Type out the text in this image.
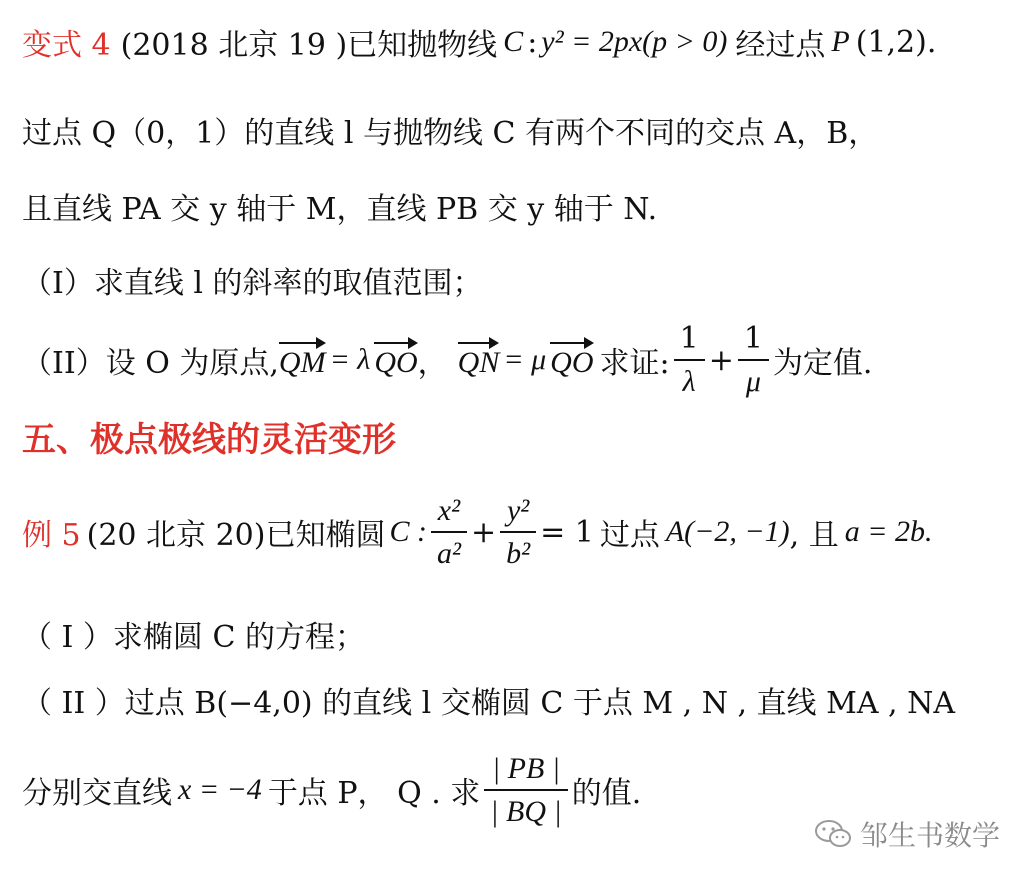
变式 4 (2018 北京 19 ) 已知抛物线 C : y² = 2px(p > 0) 经过点 P (1,2).
过点 Q（0，1）的直线 l 与抛物线 C 有两个不同的交点 A，B，
且直线 PA 交 y 轴于 M，直线 PB 交 y 轴于 N.
（I）求直线 l 的斜率的取值范围；
（II）设 O 为原点, QM = λ QO ， QN = μ QO 求证: $\frac{1}{\lambda} + \frac{1}{\mu}$ 为定值.
五、极点极线的灵活变形
例 5 (20 北京 20) 已知椭圆 C : $\frac{\text{x²}}{\text{a²}} + \frac{\text{y²}}{\text{b²}} = 1$ 过点 A(−2, −1) , 且 a = 2b.
（ I ）求椭圆 C 的方程；
（ II ）过点 B(−4,0) 的直线 l 交椭圆 C 于点 M , N , 直线 MA , NA
分别交直线 x = −4 于点 P， Q . 求 $\frac{| PB |}{| BQ |}$ 的值.
邹生书数学
